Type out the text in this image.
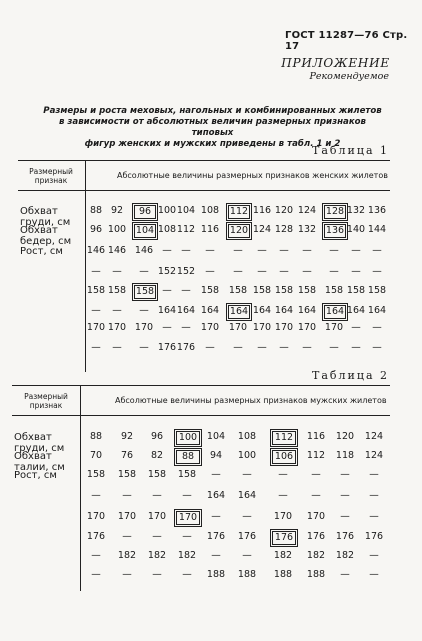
ГОСТ 11287—76 Стр. 17
ПРИЛОЖЕНИЕ
Рекомендуемое
Размеры и роста меховых, нагольных и комбинированных жилетов
в зависимости от абсолютных величин размерных признаков типовых
фигур женских и мужских приведены в табл. 1 и 2
Таблица 1
Размерный признак
Абсолютные величины размерных признаков женских жилетов
Обхват груди, см
88 92	96 100 104 108 112 116 120 124 128 132 136
Обхват бедер, см
96 100 104 108 112 116 120 124 128 132 136 140 144
Рост, см	146 146 146 —	—	—	—	—	—	—	—	—	—
—	—	— 152 152	—	—	—	—	—	—	—	—
158 158 158 —	—	158 158 158 158 158 158 158 158
—	—	— 164 164 164 164 164 164 164 164 164 164
170 170 170 —	—	170 170 170 170 170 170 —	—
—	—	— 176 176	—	—	—	—	—	—	—	—
Таблица 2
Размерный признак
Абсолютные величины размерных признаков мужских жилетов
Обхват груди, см
88	92	96	100	104 108	112	116 120 124
Обхват талии, см
70	76	82	88	94	100	106	112 118 124
Рост, см	158 158 158 158	—	—	—	—	—	—
—	—	—	—	164 164	—	—	—	—
170 170 170	170	—	—	170 170	—	—
176	—	—	—	176 176	176	176 176 176
—	182 182 182	—	—	182 182 182	—
—	—	—	—	188 188 188 188	—	—
